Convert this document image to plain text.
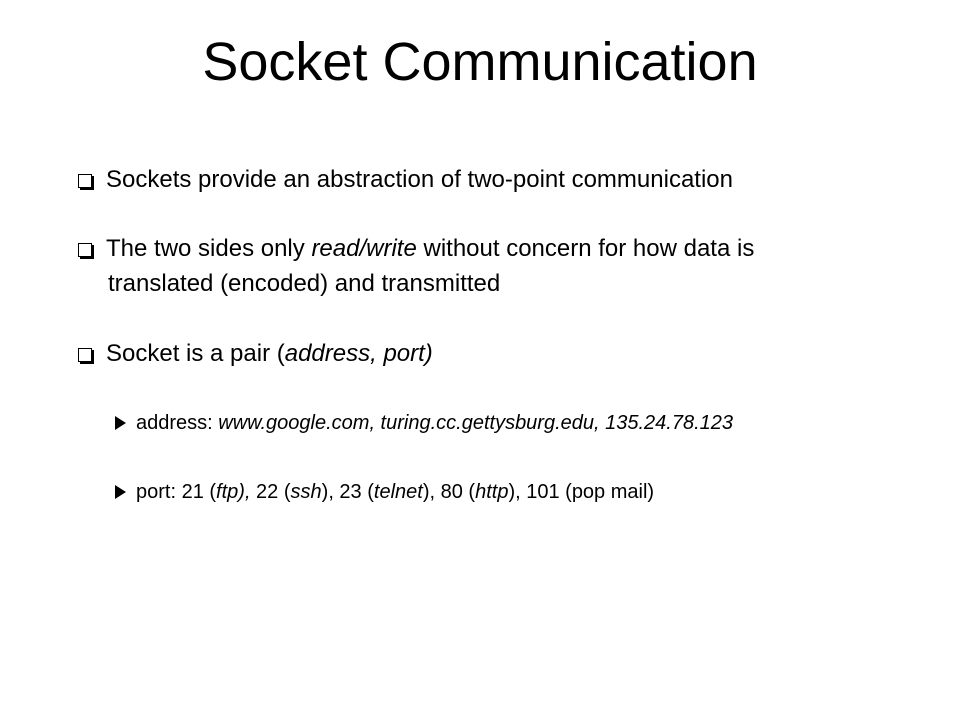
Socket Communication
Sockets provide an abstraction of two-point communication
The two sides only read/write without concern for how data is
translated (encoded) and transmitted
Socket is a pair (address, port)
address: www.google.com, turing.cc.gettysburg.edu, 135.24.78.123
port: 21 (ftp), 22 (ssh), 23 (telnet), 80 (http), 101 (pop mail)
